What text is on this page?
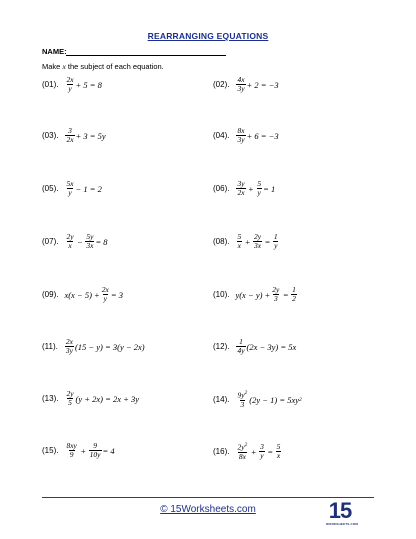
REARRANGING EQUATIONS
NAME:
Make x the subject of each equation.
(01).
2x
y + 5 = 8	(02).
4x
3y + 2 = −3
(03).
3
2x + 3 = 5y	(04).
8x
3y + 6 = −3
(05).
5x
y − 1 = 2	(06).
3y
$2x + \frac{5}{y} = 1$
(07).
2y
$x - \frac{5y}{3x} = 8$	(08).
5
$x + \frac{2y}{3x} = \frac{1}{y}$
(09). $x(x - 5) + \frac{2x}{y} = 3$	(10). $y(x - y) + \frac{2y}{3} = \frac{1}{2}$
(11).
2x
3y (15 − y) = 3(y − 2x)	(12).
1
4y (2x − 3y) = 5x
(13).
2y
5 (y + 2x) = 2x + 3y	(14).
$9y^2$
3 (2y − 1) = 5xy 2
(15).
8xy
$9 + \frac{9}{10y} = 4$	(16).
$2y^2$
$8x + \frac{3}{y} = \frac{5}{x}$
© 15Worksheets.com	15
WORKSHEETS.COM
